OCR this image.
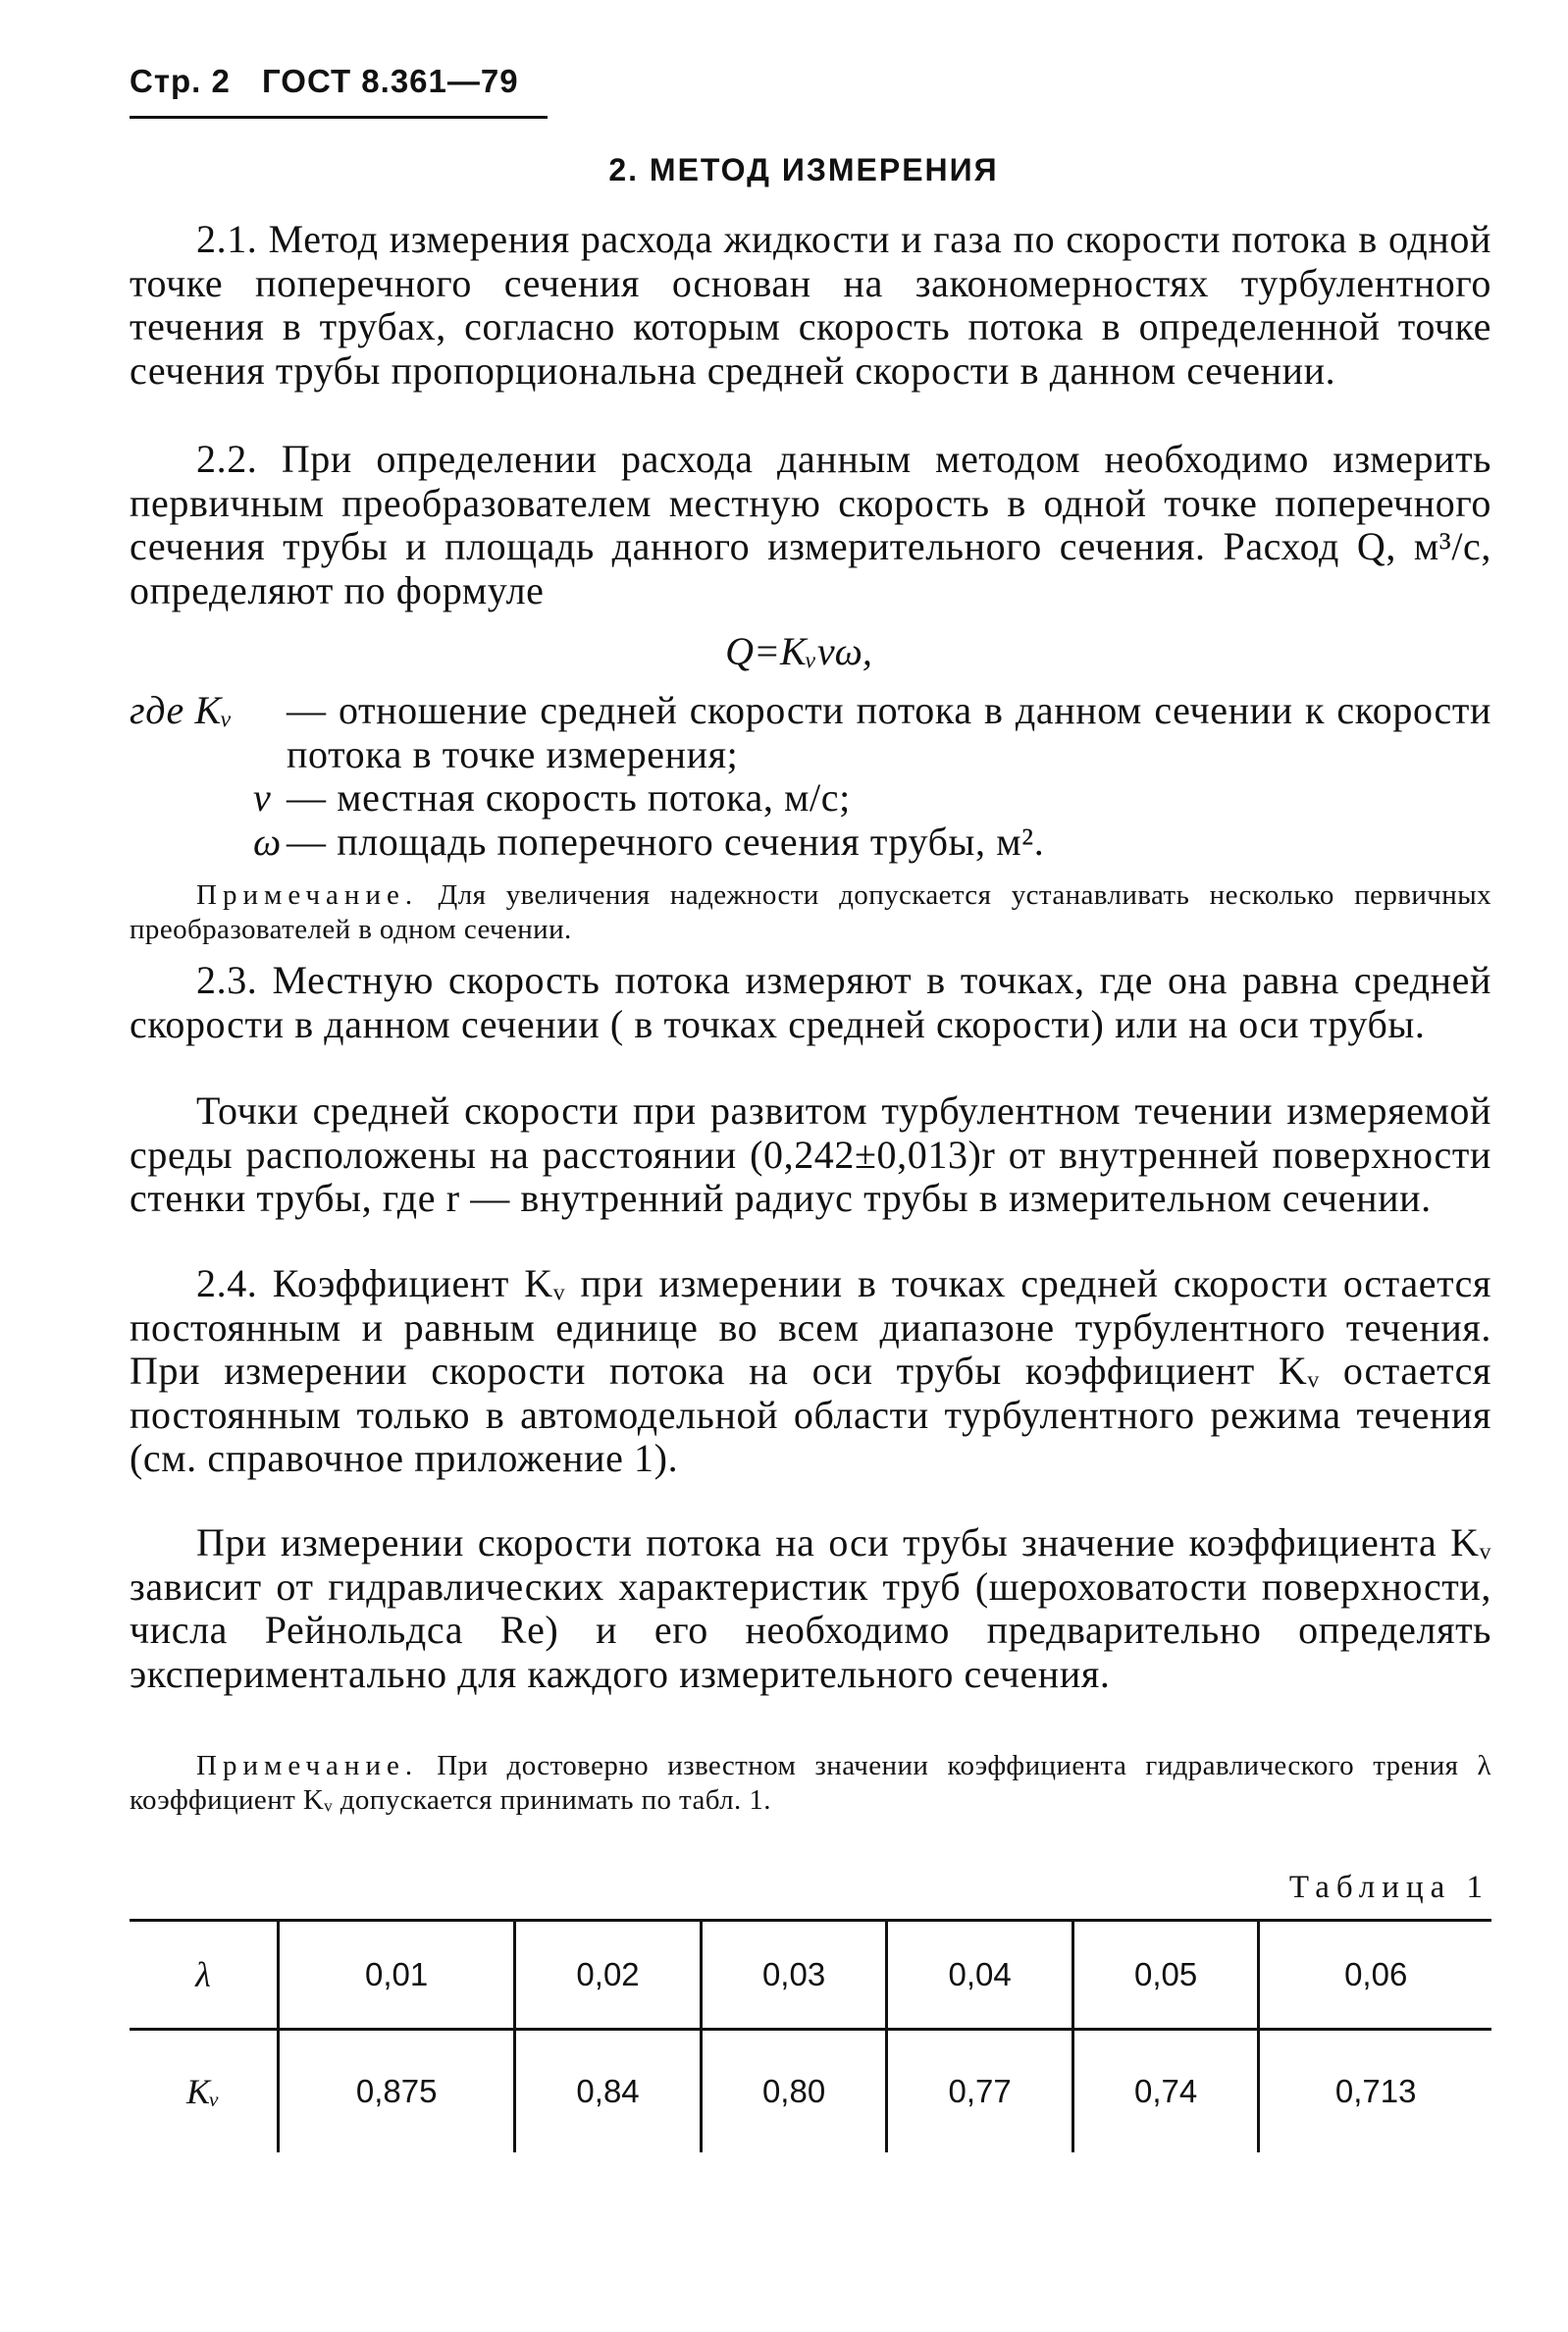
Стр. 2 ГОСТ 8.361—79
2. МЕТОД ИЗМЕРЕНИЯ

2.1. Метод измерения расхода жидкости и газа по скорости потока в одной точке поперечного сечения основан на закономерностях турбулентного течения в трубах, согласно которым скорость потока в определенной точке сечения трубы пропорциональна средней скорости в данном сечении.

2.2. При определении расхода данным методом необходимо измерить первичным преобразователем местную скорость в одной точке поперечного сечения трубы и площадь данного измерительного сечения. Расход Q, м³/с, определяют по формуле

Q=Kᵥvω,
где Kᵥ	— отношение средней скорости потока в данном сечении к скорости потока в точке измерения;
v — местная скорость потока, м/с;
ω — площадь поперечного сечения трубы, м².
Примечание. Для увеличения надежности допускается устанавливать несколько первичных преобразователей в одном сечении.

2.3. Местную скорость потока измеряют в точках, где она равна средней скорости в данном сечении ( в точках средней скорости) или на оси трубы.

Точки средней скорости при развитом турбулентном течении измеряемой среды расположены на расстоянии (0,242±0,013)r от внутренней поверхности стенки трубы, где r — внутренний радиус трубы в измерительном сечении.

2.4. Коэффициент Kᵥ при измерении в точках средней скорости остается постоянным и равным единице во всем диапазоне турбулентного течения. При измерении скорости потока на оси трубы коэффициент Kᵥ остается постоянным только в автомодельной области турбулентного режима течения (см. справочное приложение 1).

При измерении скорости потока на оси трубы значение коэффициента Kᵥ зависит от гидравлических характеристик труб (шероховатости поверхности, числа Рейнольдса Re) и его необходимо предварительно определять экспериментально для каждого измерительного сечения.

Примечание. При достоверно известном значении коэффициента гидравлического трения λ коэффициент Kᵥ допускается принимать по табл. 1.
Таблица 1
λ	0,01	0,02	0,03	0,04	0,05	0,06
Kᵥ	0,875	0,84	0,80	0,77	0,74	0,713
